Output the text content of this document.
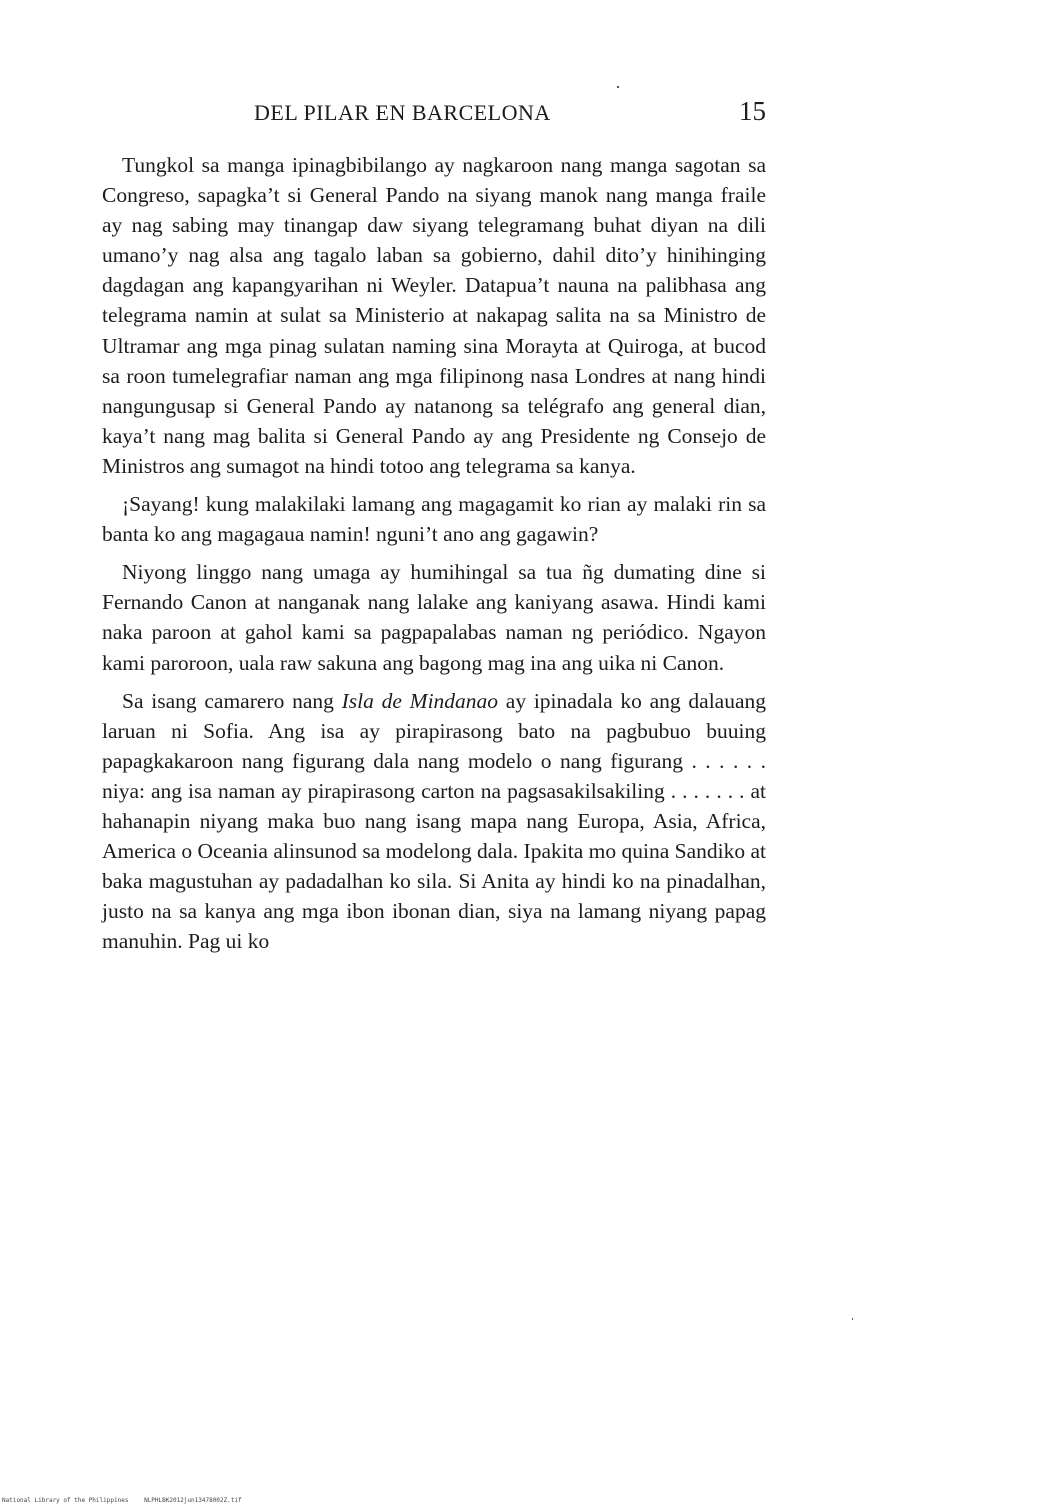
DEL PILAR EN BARCELONA	15

Tungkol sa manga ipinagbibilango ay nagkaroon nang manga sagotan sa Congreso, sapagka’t si General Pando na siyang manok nang manga fraile ay nag sabing may tinangap daw siyang telegramang buhat diyan na dili umano’y nag alsa ang tagalo laban sa gobierno, dahil dito’y hinihinging dagdagan ang kapangyarihan ni Weyler. Datapua’t nauna na palibhasa ang telegrama namin at sulat sa Ministerio at nakapag salita na sa Ministro de Ultramar ang mga pinag sulatan naming sina Morayta at Quiroga, at bucod sa roon tumelegrafiar naman ang mga filipinong nasa Londres at nang hindi nangungusap si General Pando ay natanong sa telégrafo ang general dian, kaya’t nang mag balita si General Pando ay ang Presidente ng Consejo de Ministros ang sumagot na hindi totoo ang telegrama sa kanya.

¡Sayang! kung malakilaki lamang ang magagamit ko rian ay malaki rin sa banta ko ang magagaua namin! nguni’t ano ang gagawin?

Niyong linggo nang umaga ay humihingal sa tua ñg dumating dine si Fernando Canon at nanganak nang lalake ang kaniyang asawa. Hindi kami naka paroon at gahol kami sa pagpapalabas naman ng periódico. Ngayon kami paroroon, uala raw sakuna ang bagong mag ina ang uika ni Canon.

Sa isang camarero nang Isla de Mindanao ay ipinadala ko ang dalauang laruan ni Sofia. Ang isa ay pirapirasong bato na pagbubuo buuing papagkakaroon nang figurang dala nang modelo o nang figurang . . . . . . niya: ang isa naman ay pirapirasong carton na pagsasakilsakiling . . . . . . . at hahanapin niyang maka buo nang isang mapa nang Europa, Asia, Africa, America o Oceania alinsunod sa modelong dala. Ipakita mo quina Sandiko at baka magustuhan ay padadalhan ko sila. Si Anita ay hindi ko na pinadalhan, justo na sa kanya ang mga ibon ibonan dian, siya na lamang niyang papag manuhin. Pag ui ko

National Library of the Philippines	NLPHLBK2012jun13478002Z.tif
